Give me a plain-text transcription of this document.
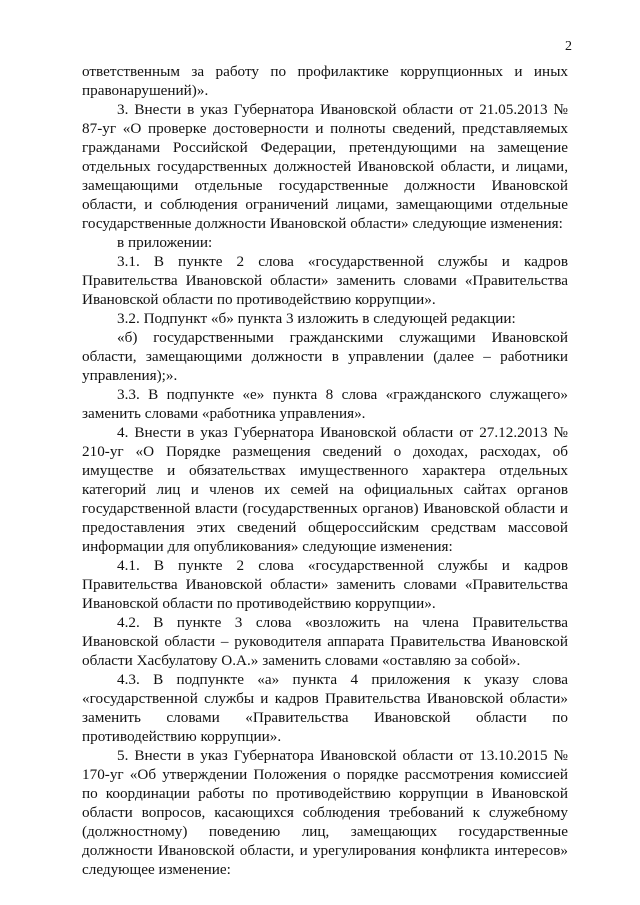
2

ответственным за работу по профилактике коррупционных и иных правонарушений)».

3. Внести в указ Губернатора Ивановской области от 21.05.2013 № 87-уг «О проверке достоверности и полноты сведений, представляемых гражданами Российской Федерации, претендующими на замещение отдельных государственных должностей Ивановской области, и лицами, замещающими отдельные государственные должности Ивановской области, и соблюдения ограничений лицами, замещающими отдельные государственные должности Ивановской области» следующие изменения:

в приложении:

3.1. В пункте 2 слова «государственной службы и кадров Правительства Ивановской области» заменить словами «Правительства Ивановской области по противодействию коррупции».

3.2. Подпункт «б» пункта 3 изложить в следующей редакции:

«б) государственными гражданскими служащими Ивановской области, замещающими должности в управлении (далее – работники управления);».

3.3. В подпункте «е» пункта 8 слова «гражданского служащего» заменить словами «работника управления».

4. Внести в указ Губернатора Ивановской области от 27.12.2013 № 210-уг «О Порядке размещения сведений о доходах, расходах, об имуществе и обязательствах имущественного характера отдельных категорий лиц и членов их семей на официальных сайтах органов государственной власти (государственных органов) Ивановской области и предоставления этих сведений общероссийским средствам массовой информации для опубликования» следующие изменения:

4.1. В пункте 2 слова «государственной службы и кадров Правительства Ивановской области» заменить словами «Правительства Ивановской области по противодействию коррупции».

4.2. В пункте 3 слова «возложить на члена Правительства Ивановской области – руководителя аппарата Правительства Ивановской области Хасбулатову О.А.» заменить словами «оставляю за собой».

4.3. В подпункте «а» пункта 4 приложения к указу слова «государственной службы и кадров Правительства Ивановской области» заменить словами «Правительства Ивановской области по противодействию коррупции».

5. Внести в указ Губернатора Ивановской области от 13.10.2015 № 170-уг «Об утверждении Положения о порядке рассмотрения комиссией по координации работы по противодействию коррупции в Ивановской области вопросов, касающихся соблюдения требований к служебному (должностному) поведению лиц, замещающих государственные должности Ивановской области, и урегулирования конфликта интересов» следующее изменение:
